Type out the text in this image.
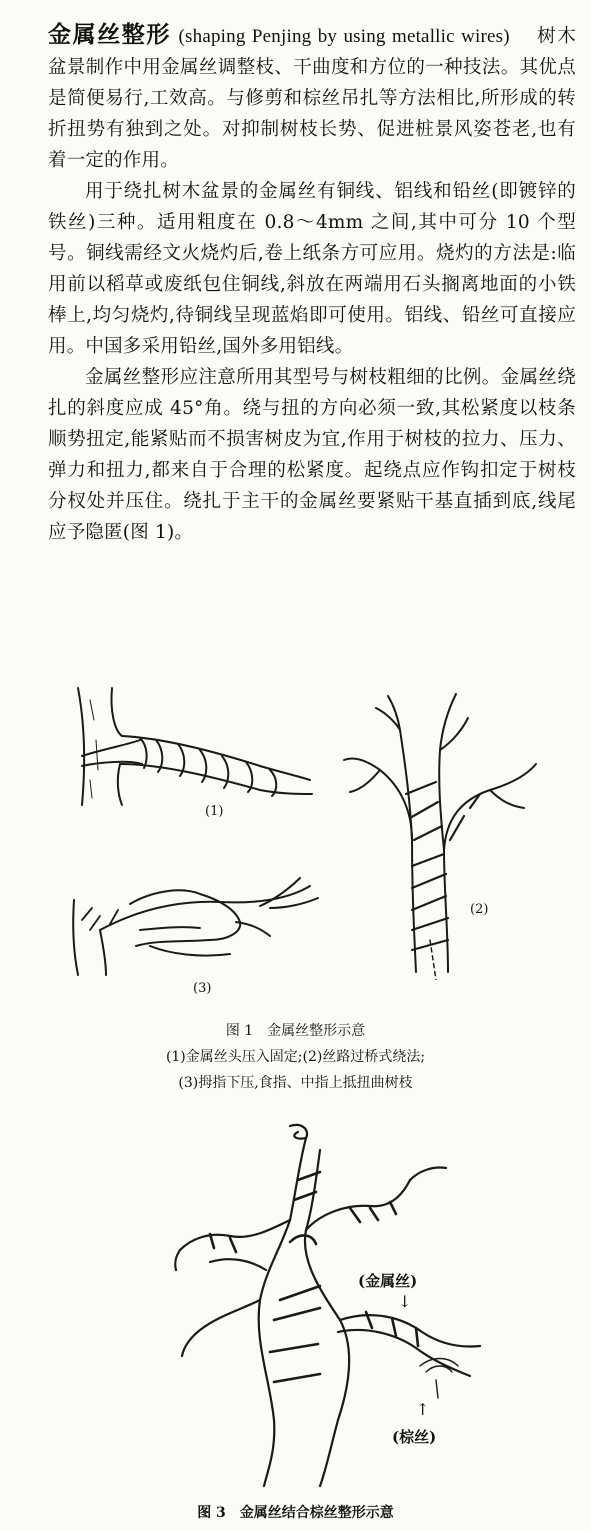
金属丝整形 (shaping Penjing by using metallic wires) 树木盆景制作中用金属丝调整枝、干曲度和方位的一种技法。其优点是简便易行,工效高。与修剪和棕丝吊扎等方法相比,所形成的转折扭势有独到之处。对抑制树枝长势、促进桩景风姿苍老,也有着一定的作用。

用于绕扎树木盆景的金属丝有铜线、铝线和铅丝(即镀锌的铁丝)三种。适用粗度在 0.8～4mm 之间,其中可分 10 个型号。铜线需经文火烧灼后,卷上纸条方可应用。烧灼的方法是:临用前以稻草或废纸包住铜线,斜放在两端用石头搁离地面的小铁棒上,均匀烧灼,待铜线呈现蓝焰即可使用。铝线、铅丝可直接应用。中国多采用铅丝,国外多用铝线。

金属丝整形应注意所用其型号与树枝粗细的比例。金属丝绕扎的斜度应成 45°角。绕与扭的方向必须一致,其松紧度以枝条顺势扭定,能紧贴而不损害树皮为宜,作用于树枝的拉力、压力、弹力和扭力,都来自于合理的松紧度。起绕点应作钩扣定于树枝分杈处并压住。绕扎于主干的金属丝要紧贴干基直插到底,线尾应予隐匿(图 1)。

(1)
(2)
(3)
图 1　金属丝整形示意
(1)金属丝头压入固定;(2)丝路过桥式绕法;
(3)拇指下压,食指、中指上抵扭曲树枝
(金属丝)
↓
↑
(棕丝)
图 3　金属丝结合棕丝整形示意
